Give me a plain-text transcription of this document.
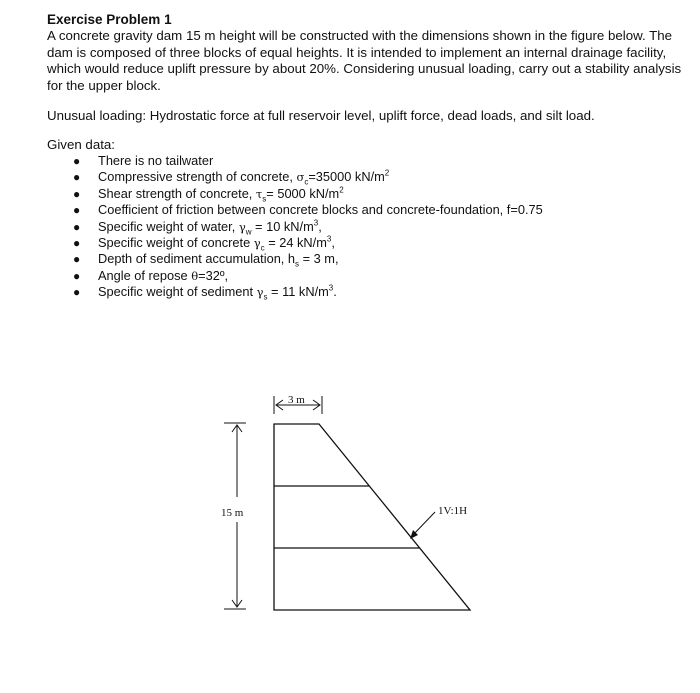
Exercise Problem 1

A concrete gravity dam 15 m height will be constructed with the dimensions shown in the figure below. The dam is composed of three blocks of equal heights. It is intended to implement an internal drainage facility, which would reduce uplift pressure by about 20%. Considering unusual loading, carry out a stability analysis for the upper block.

Unusual loading: Hydrostatic force at full reservoir level, uplift force, dead loads, and silt load.

Given data:

● There is no tailwater
● Compressive strength of concrete, $\sigma_c=35000$ $kN/m^2$
● Shear strength of concrete, $\tau_s= 5000$ $kN/m^2$
● Coefficient of friction between concrete blocks and concrete-foundation, f=0.75
● Specific weight of water, $\gamma_w = 10$ $kN/m^3$,
● Specific weight of concrete $\gamma_c = 24$ $kN/m^3$,
● Depth of sediment accumulation, $h_s = 3$ m,
● Angle of repose θ=32º,
● Specific weight of sediment $\gamma_s = 11$ $kN/m^3$.
3 m
15 m	1V:1H
